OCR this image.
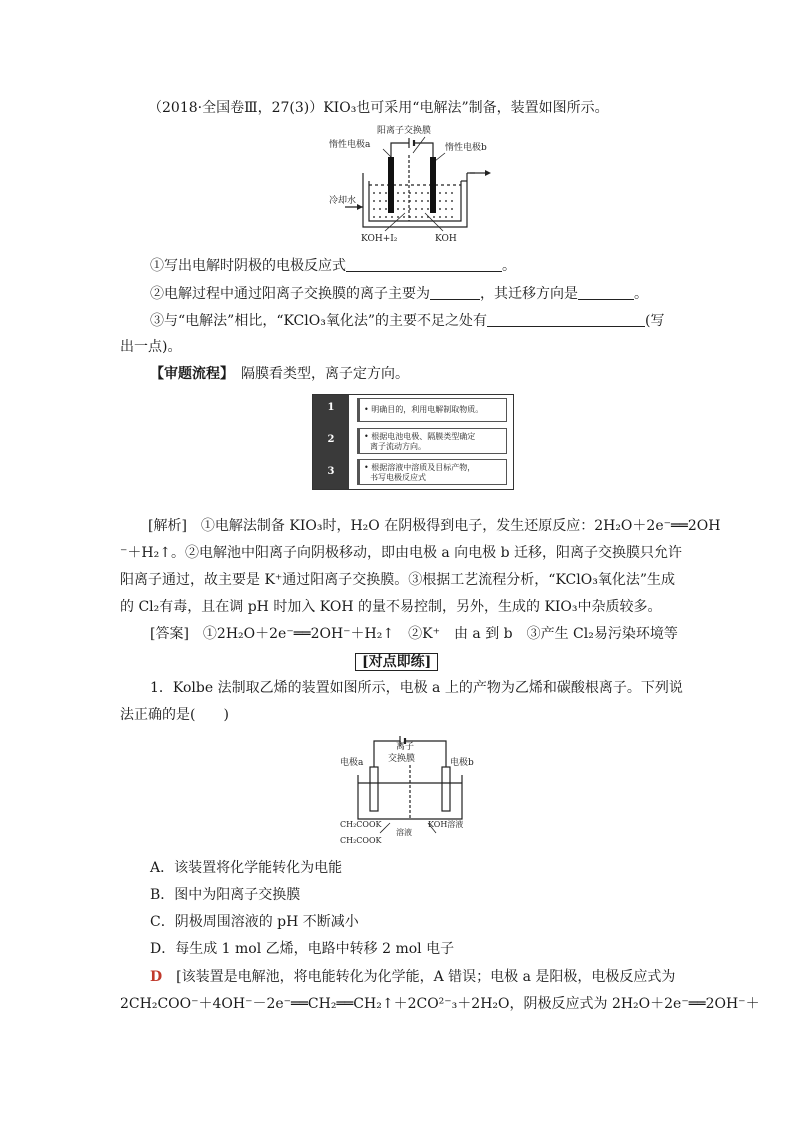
（2018·全国卷Ⅲ，27(3)）KIO₃也可采用“电解法”制备，装置如图所示。
阳离子交换膜
惰性电极a	惰性电极b
冷却水
KOH+I₂	KOH
①写出电解时阴极的电极反应式	。
②电解过程中通过阳离子交换膜的离子主要为	，其迁移方向是	。
③与“电解法”相比，“KClO₃氧化法”的主要不足之处有	(写
出一点)。
【审题流程】　 隔膜看类型，离子定方向。
1	• 明确目的，利用电解制取物质。
2	• 根据电池电极、隔膜类型确定
离子流动方向。
3	• 根据溶液中溶质及目标产物，
书写电极反应式
[解析]　①电解法制备 KIO₃时，H₂O 在阴极得到电子，发生还原反应：2H₂O＋2e⁻══2OH
⁻＋H₂↑。②电解池中阳离子向阴极移动，即由电极 a 向电极 b 迁移，阳离子交换膜只允许
阳离子通过，故主要是 K⁺通过阳离子交换膜。③根据工艺流程分析，“KClO₃氧化法”生成
的 Cl₂有毒，且在调 pH 时加入 KOH 的量不易控制，另外，生成的 KIO₃中杂质较多。
[答案]　①2H₂O＋2e⁻══2OH⁻＋H₂↑　②K⁺　由 a 到 b　③产生 Cl₂易污染环境等
[对点即练]
1．Kolbe 法制取乙烯的装置如图所示，电极 a 上的产物为乙烯和碳酸根离子。下列说
法正确的是(　　)
离子
交换膜
电极a	电极b
CH₂COOK
CH₂COOK
溶液
KOH溶液
A．该装置将化学能转化为电能
B．图中为阳离子交换膜
C．阴极周围溶液的 pH 不断减小
D．每生成 1 mol 乙烯，电路中转移 2 mol 电子
D　[该装置是电解池，将电能转化为化学能，A 错误；电极 a 是阳极，电极反应式为
2CH₂COO⁻＋4OH⁻－2e⁻══CH₂══CH₂↑＋2CO²⁻₃＋2H₂O，阴极反应式为 2H₂O＋2e⁻══2OH⁻＋
